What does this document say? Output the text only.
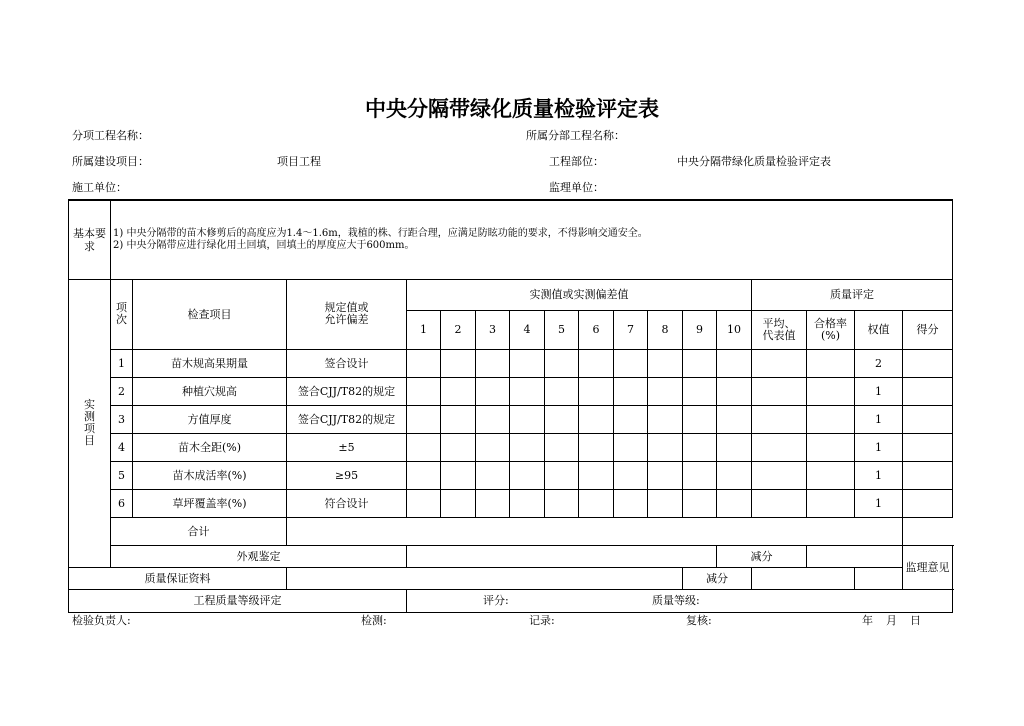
中央分隔带绿化质量检验评定表
分项工程名称：	所属分部工程名称：
所属建设项目：	项目工程	工程部位：	中央分隔带绿化质量检验评定表
施工单位：	监理单位：
基本要求	1) 中央分隔带的苗木修剪后的高度应为1.4～1.6m，栽植的株、行距合理，应满足防眩功能的要求，不得影响交通安全。
2) 中央分隔带应进行绿化用土回填，回填土的厚度应大于600mm。																	

实测项目	项次	检查项目	规定值或允许偏差	实测值或实测偏差值										质量评定				
				1	2	3	4	5	6	7	8	9	10	平均、代表值	合格率(%)	权值	得分	
	1	苗木规高果期量	签合设计													2		
	2	种植穴规高	签合CJJ/T82的规定													1		
	3	方值厚度	签合CJJ/T82的规定													1		
	4	苗木全距(%)	±5													1		
	5	苗木成活率(%)	≥95													1		
	6	草坪覆盖率(%)	符合设计													1		
	合计																	
	外观鉴定												减分				监理意见	
质量保证资料												减分						
工程质量等级评定				评分: 质量等级:														
检验负责人:	检测:	记录:	复核:	年 月 日
